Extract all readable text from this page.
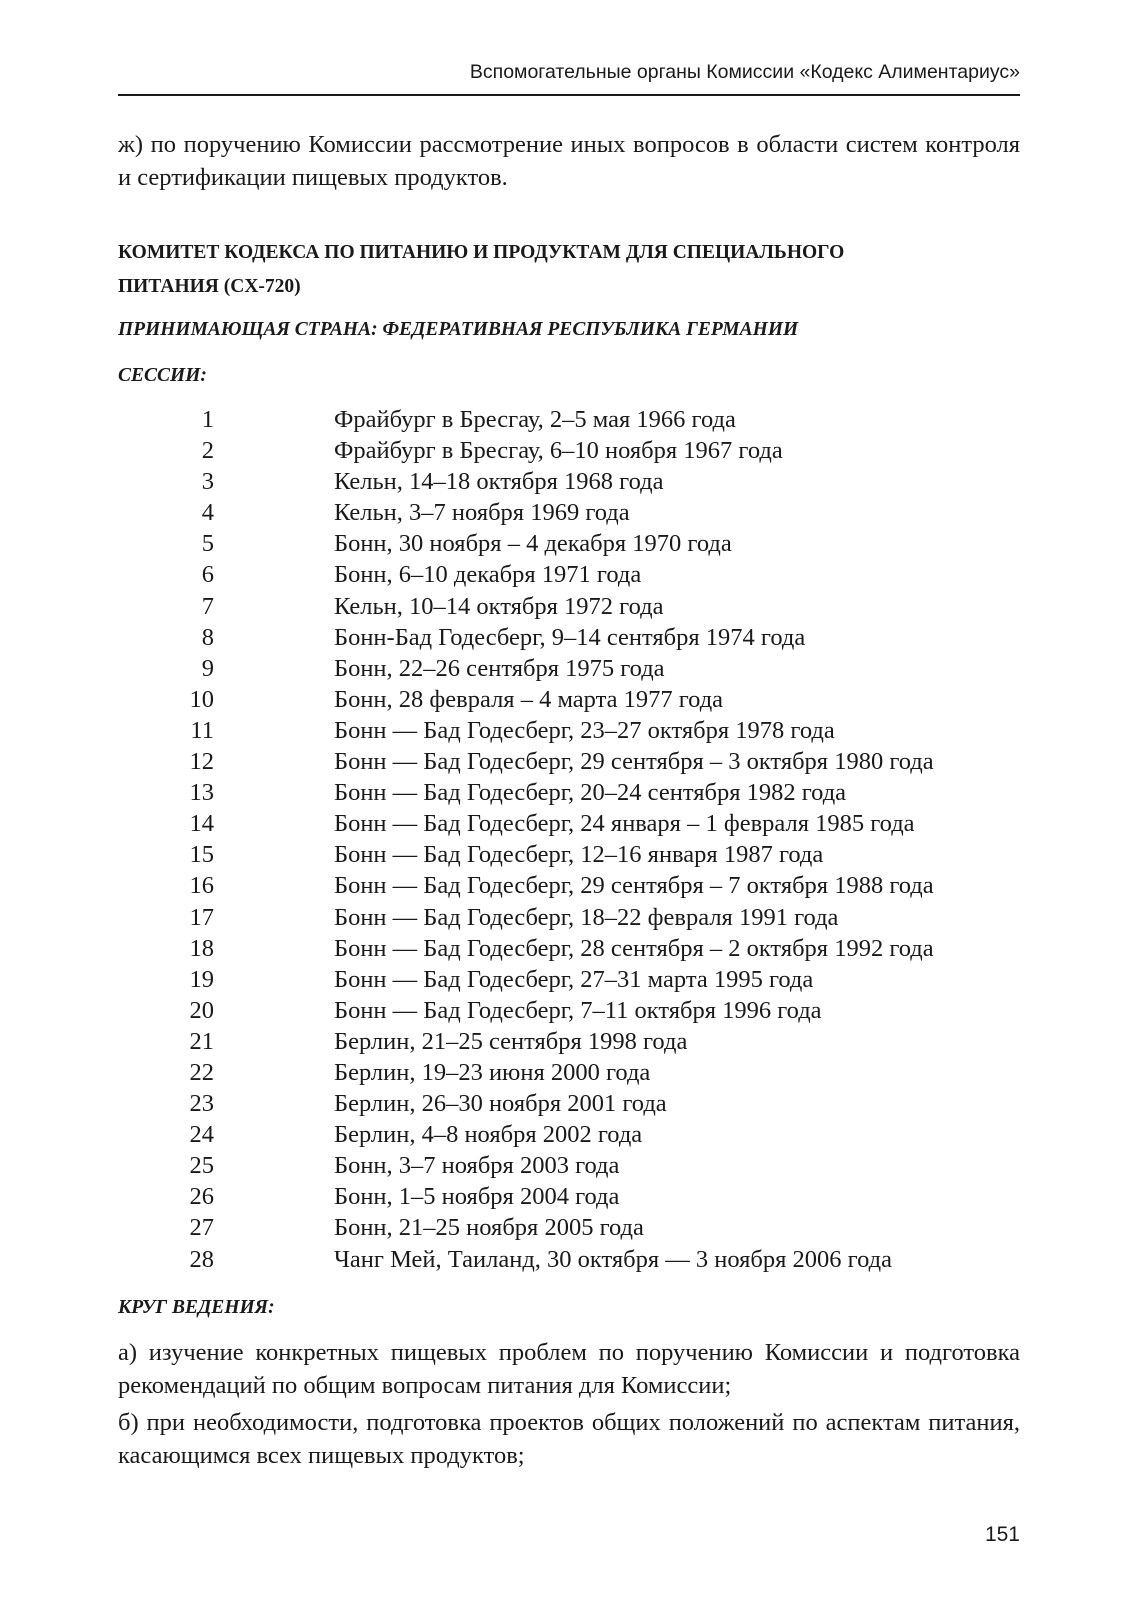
Вспомогательные органы Комиссии «Кодекс Алиментариус»

ж) по поручению Комиссии рассмотрение иных вопросов в области систем контроля и сертификации пищевых продуктов.

КОМИТЕТ КОДЕКСА ПО ПИТАНИЮ И ПРОДУКТАМ ДЛЯ СПЕЦИАЛЬНОГО
ПИТАНИЯ (CX-720)
ПРИНИМАЮЩАЯ СТРАНА: ФЕДЕРАТИВНАЯ РЕСПУБЛИКА ГЕРМАНИИ
СЕССИИ:
1	Фрайбург в Бресгау, 2–5 мая 1966 года
2	Фрайбург в Бресгау, 6–10 ноября 1967 года
3	Кельн, 14–18 октября 1968 года
4	Кельн, 3–7 ноября 1969 года
5	Бонн, 30 ноября – 4 декабря 1970 года
6	Бонн, 6–10 декабря 1971 года
7	Кельн, 10–14 октября 1972 года
8	Бонн-Бад Годесберг, 9–14 сентября 1974 года
9	Бонн, 22–26 сентября 1975 года
10	Бонн, 28 февраля – 4 марта 1977 года
11	Бонн — Бад Годесберг, 23–27 октября 1978 года
12	Бонн — Бад Годесберг, 29 сентября – 3 октября 1980 года
13	Бонн — Бад Годесберг, 20–24 сентября 1982 года
14	Бонн — Бад Годесберг, 24 января – 1 февраля 1985 года
15	Бонн — Бад Годесберг, 12–16 января 1987 года
16	Бонн — Бад Годесберг, 29 сентября – 7 октября 1988 года
17	Бонн — Бад Годесберг, 18–22 февраля 1991 года
18	Бонн — Бад Годесберг, 28 сентября – 2 октября 1992 года
19	Бонн — Бад Годесберг, 27–31 марта 1995 года
20	Бонн — Бад Годесберг, 7–11 октября 1996 года
21	Берлин, 21–25 сентября 1998 года
22	Берлин, 19–23 июня 2000 года
23	Берлин, 26–30 ноября 2001 года
24	Берлин, 4–8 ноября 2002 года
25	Бонн, 3–7 ноября 2003 года
26	Бонн, 1–5 ноября 2004 года
27	Бонн, 21–25 ноября 2005 года
28	Чанг Мей, Таиланд, 30 октября — 3 ноября 2006 года
КРУГ ВЕДЕНИЯ:

а) изучение конкретных пищевых проблем по поручению Комиссии и подготовка рекомендаций по общим вопросам питания для Комиссии;

б) при необходимости, подготовка проектов общих положений по аспектам питания, касающимся всех пищевых продуктов;

151
